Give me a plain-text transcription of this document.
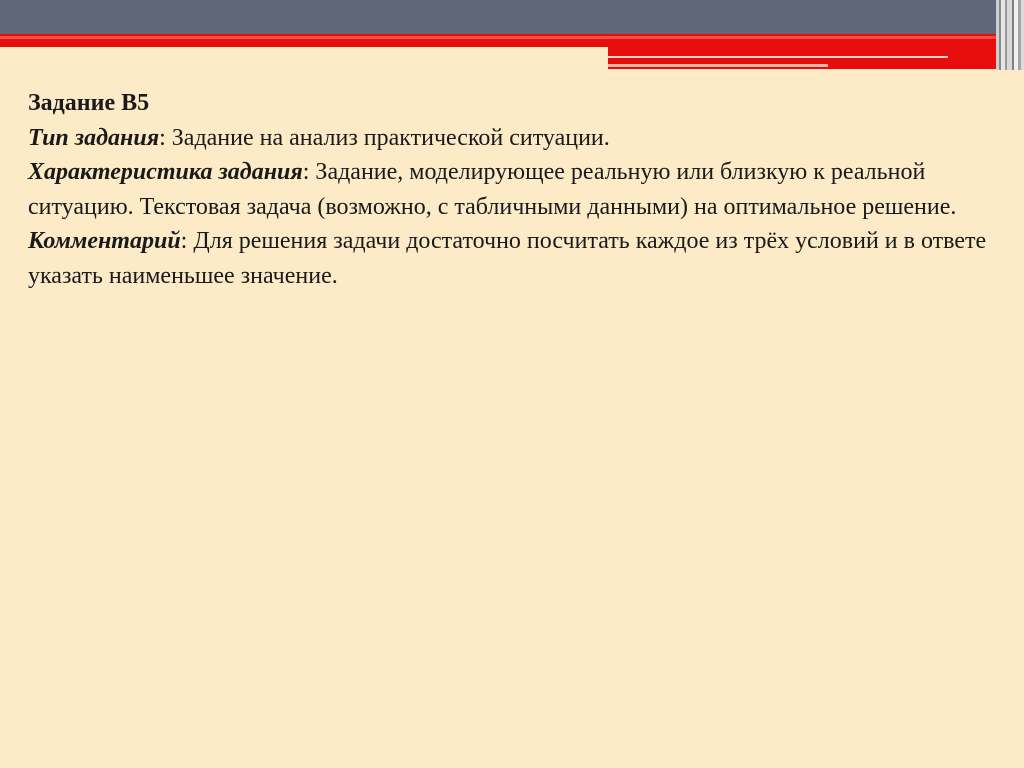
Задание B5

Тип задания: Задание на анализ практической ситуации.

Характеристика задания: Задание, моделирующее реальную или близкую к реальной ситуацию. Текстовая задача (возможно, с табличными данными) на оптимальное решение.

Комментарий: Для решения задачи достаточно посчитать каждое из трёх условий и в ответе указать наименьшее значение.
